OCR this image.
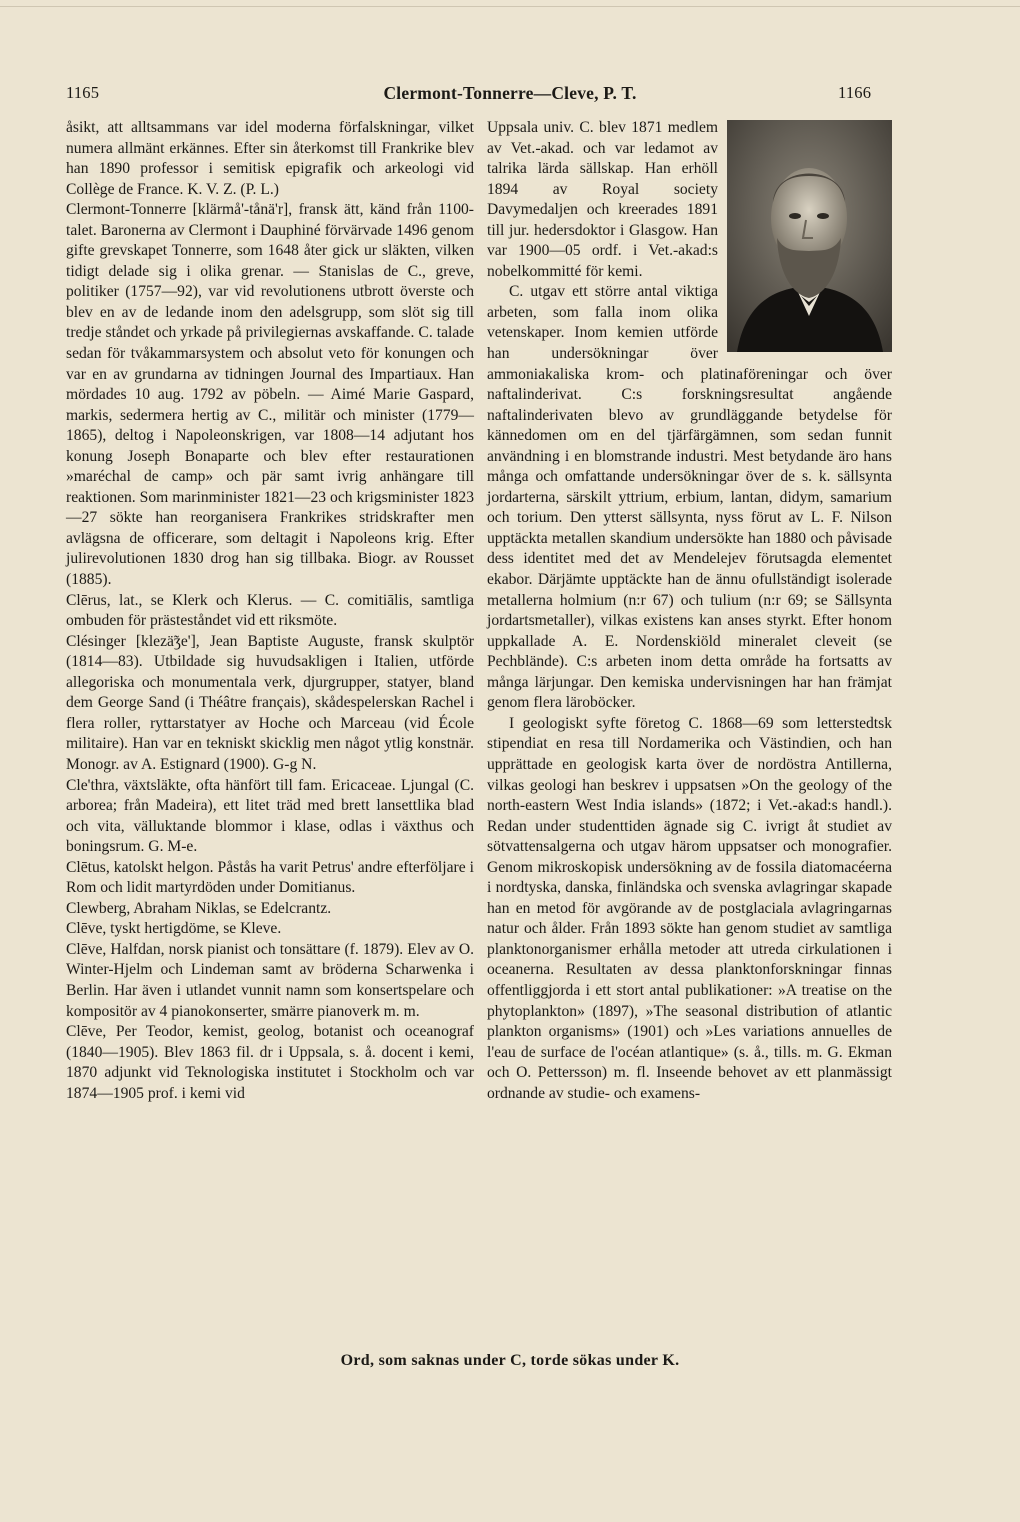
1165	Clermont-Tonnerre—Cleve, P. T.	1166

åsikt, att alltsammans var idel moderna förfalskningar, vilket numera allmänt erkännes. Efter sin återkomst till Frankrike blev han 1890 professor i semitisk epigrafik och arkeologi vid Collège de France. K. V. Z. (P. L.)

Clermont-Tonnerre [klärmå'-tånä'r], fransk ätt, känd från 1100-talet. Baronerna av Clermont i Dauphiné förvärvade 1496 genom gifte grevskapet Tonnerre, som 1648 åter gick ur släkten, vilken tidigt delade sig i olika grenar. — Stanislas de C., greve, politiker (1757—92), var vid revolutionens utbrott överste och blev en av de ledande inom den adelsgrupp, som slöt sig till tredje ståndet och yrkade på privilegiernas avskaffande. C. talade sedan för tvåkammarsystem och absolut veto för konungen och var en av grundarna av tidningen Journal des Impartiaux. Han mördades 10 aug. 1792 av pöbeln. — Aimé Marie Gaspard, markis, sedermera hertig av C., militär och minister (1779—1865), deltog i Napoleonskrigen, var 1808—14 adjutant hos konung Joseph Bonaparte och blev efter restaurationen »maréchal de camp» och pär samt ivrig anhängare till reaktionen. Som marinminister 1821—23 och krigsminister 1823—27 sökte han reorganisera Frankrikes stridskrafter men avlägsna de officerare, som deltagit i Napoleons krig. Efter julirevolutionen 1830 drog han sig tillbaka. Biogr. av Rousset (1885).

Clērus, lat., se Klerk och Klerus. — C. comitiālis, samtliga ombuden för prästeståndet vid ett riksmöte.

Clésinger [klezä̃ʒe'], Jean Baptiste Auguste, fransk skulptör (1814—83). Utbildade sig huvudsakligen i Italien, utförde allegoriska och monumentala verk, djurgrupper, statyer, bland dem George Sand (i Théâtre français), skådespelerskan Rachel i flera roller, ryttarstatyer av Hoche och Marceau (vid École militaire). Han var en tekniskt skicklig men något ytlig konstnär. Monogr. av A. Estignard (1900). G-g N.

Cle'thra, växtsläkte, ofta hänfört till fam. Ericaceae. Ljungal (C. arborea; från Madeira), ett litet träd med brett lansettlika blad och vita, välluktande blommor i klase, odlas i växthus och boningsrum. G. M-e.

Clētus, katolskt helgon. Påstås ha varit Petrus' andre efterföljare i Rom och lidit martyrdöden under Domitianus.

Clewberg, Abraham Niklas, se Edelcrantz.

Clēve, tyskt hertigdöme, se Kleve.

Clēve, Halfdan, norsk pianist och tonsättare (f. 1879). Elev av O. Winter-Hjelm och Lindeman samt av bröderna Scharwenka i Berlin. Har även i utlandet vunnit namn som konsertspelare och kompositör av 4 pianokonserter, smärre pianoverk m. m.

Clēve, Per Teodor, kemist, geolog, botanist och oceanograf (1840—1905). Blev 1863 fil. dr i Uppsala, s. å. docent i kemi, 1870 adjunkt vid Teknologiska institutet i Stockholm och var 1874—1905 prof. i kemi vid

Uppsala univ. C. blev 1871 medlem av Vet.-akad. och var ledamot av talrika lärda sällskap. Han erhöll 1894 av Royal society Davymedaljen och kreerades 1891 till jur. hedersdoktor i Glasgow. Han var 1900—05 ordf. i Vet.-akad:s nobelkommitté för kemi.

C. utgav ett större antal viktiga arbeten, som falla inom olika vetenskaper. Inom kemien utförde han undersökningar över ammoniakaliska krom- och platinaföreningar och över naftalinderivat. C:s forskningsresultat angående naftalinderivaten blevo av grundläggande betydelse för kännedomen om en del tjärfärgämnen, som sedan funnit användning i en blomstrande industri. Mest betydande äro hans många och omfattande undersökningar över de s. k. sällsynta jordarterna, särskilt yttrium, erbium, lantan, didym, samarium och torium. Den ytterst sällsynta, nyss förut av L. F. Nilson upptäckta metallen skandium undersökte han 1880 och påvisade dess identitet med det av Mendelejev förutsagda elementet ekabor. Därjämte upptäckte han de ännu ofullständigt isolerade metallerna holmium (n:r 67) och tulium (n:r 69; se Sällsynta jordartsmetaller), vilkas existens kan anses styrkt. Efter honom uppkallade A. E. Nordenskiöld mineralet cleveit (se Pechblände). C:s arbeten inom detta område ha fortsatts av många lärjungar. Den kemiska undervisningen har han främjat genom flera läroböcker.

I geologiskt syfte företog C. 1868—69 som letterstedtsk stipendiat en resa till Nordamerika och Västindien, och han upprättade en geologisk karta över de nordöstra Antillerna, vilkas geologi han beskrev i uppsatsen »On the geology of the north-eastern West India islands» (1872; i Vet.-akad:s handl.). Redan under studenttiden ägnade sig C. ivrigt åt studiet av sötvattensalgerna och utgav härom uppsatser och monografier. Genom mikroskopisk undersökning av de fossila diatomacéerna i nordtyska, danska, finländska och svenska avlagringar skapade han en metod för avgörande av de postglaciala avlagringarnas natur och ålder. Från 1893 sökte han genom studiet av samtliga planktonorganismer erhålla metoder att utreda cirkulationen i oceanerna. Resultaten av dessa planktonforskningar finnas offentliggjorda i ett stort antal publikationer: »A treatise on the phytoplankton» (1897), »The seasonal distribution of atlantic plankton organisms» (1901) och »Les variations annuelles de l'eau de surface de l'océan atlantique» (s. å., tills. m. G. Ekman och O. Pettersson) m. fl. Inseende behovet av ett planmässigt ordnande av studie- och examens-

Ord, som saknas under C, torde sökas under K.
